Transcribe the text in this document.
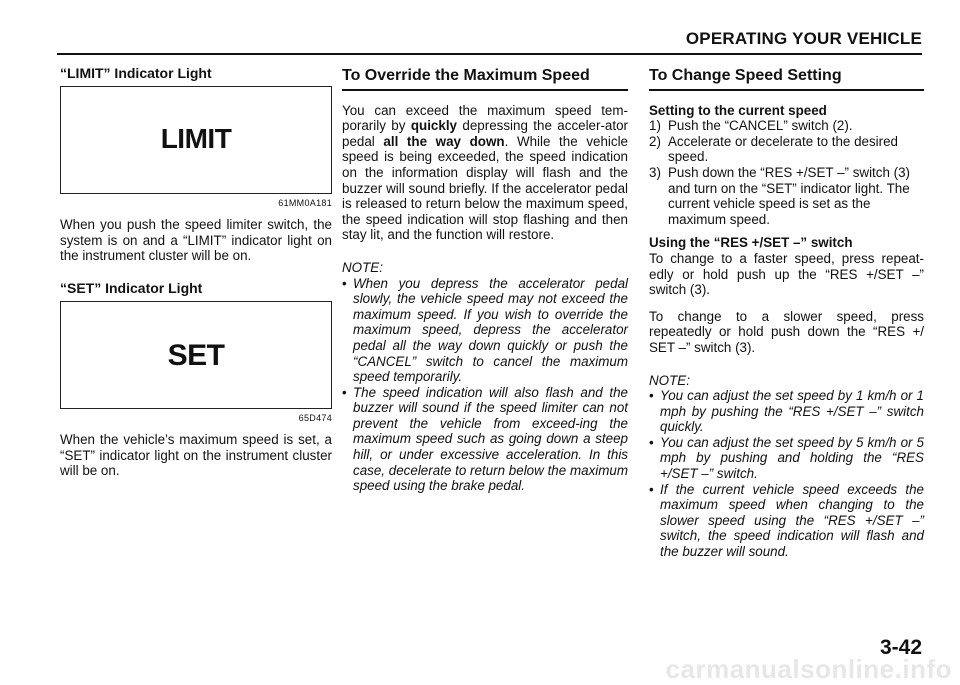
OPERATING YOUR VEHICLE
“LIMIT” Indicator Light
LIMIT
61MM0A181

When you push the speed limiter switch, the system is on and a “LIMIT” indicator light on the instrument cluster will be on.

“SET” Indicator Light
SET
65D474

When the vehicle’s maximum speed is set, a “SET” indicator light on the instrument cluster will be on.

To Override the Maximum Speed

You can exceed the maximum speed tem-porarily by quickly depressing the acceler-ator pedal all the way down. While the vehicle speed is being exceeded, the speed indication on the information display will flash and the buzzer will sound briefly. If the accelerator pedal is released to return below the maximum speed, the speed indication will stop flashing and then stay lit, and the function will restore.

NOTE:
• When you depress the accelerator pedal slowly, the vehicle speed may not exceed the maximum speed. If you wish to override the maximum speed, depress the accelerator pedal all the way down quickly or push the “CANCEL” switch to cancel the maximum speed temporarily.
• The speed indication will also flash and the buzzer will sound if the speed limiter can not prevent the vehicle from exceed-ing the maximum speed such as going down a steep hill, or under excessive acceleration. In this case, decelerate to return below the maximum speed using the brake pedal.
To Change Speed Setting
Setting to the current speed
1) Push the “CANCEL” switch (2).
2) Accelerate or decelerate to the desired speed.
3) Push down the “RES +/SET –” switch (3) and turn on the “SET” indicator light. The current vehicle speed is set as the maximum speed.
Using the “RES +/SET –” switch

To change to a faster speed, press repeat-edly or hold push up the “RES +/SET –” switch (3).

To change to a slower speed, press repeatedly or hold push down the “RES +/ SET –” switch (3).

NOTE:
• You can adjust the set speed by 1 km/h or 1 mph by pushing the “RES +/SET –” switch quickly.
• You can adjust the set speed by 5 km/h or 5 mph by pushing and holding the “RES +/SET –” switch.
• If the current vehicle speed exceeds the maximum speed when changing to the slower speed using the “RES +/SET –” switch, the speed indication will flash and the buzzer will sound.
3-42
carmanualsonline.info
